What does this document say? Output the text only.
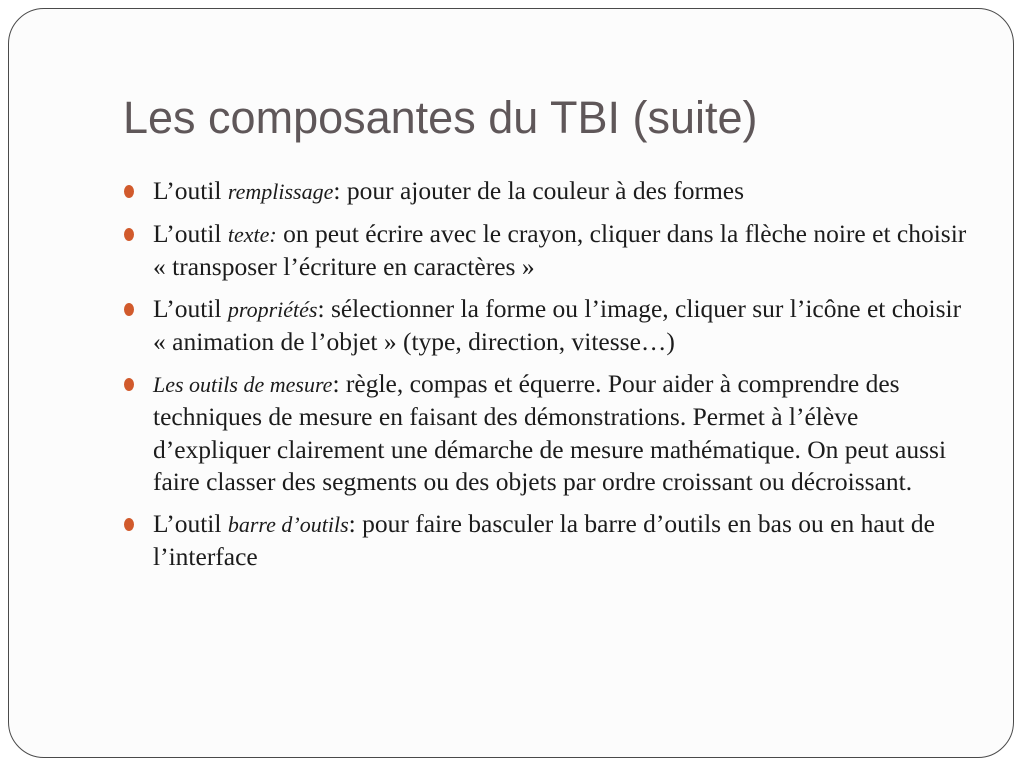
Les composantes du TBI (suite)
L’outil remplissage: pour ajouter de la couleur à des formes
L’outil texte: on peut écrire avec le crayon, cliquer dans la flèche noire et choisir « transposer l’écriture en caractères »
L’outil propriétés: sélectionner la forme ou l’image, cliquer sur l’icône et choisir « animation de l’objet » (type, direction, vitesse…)
Les outils de mesure: règle, compas et équerre. Pour aider à comprendre des techniques de mesure en faisant des démonstrations. Permet à l’élève d’expliquer clairement une démarche de mesure mathématique. On peut aussi faire classer des segments ou des objets par ordre croissant ou décroissant.
L’outil barre d’outils: pour faire basculer la barre d’outils en bas ou en haut de l’interface
